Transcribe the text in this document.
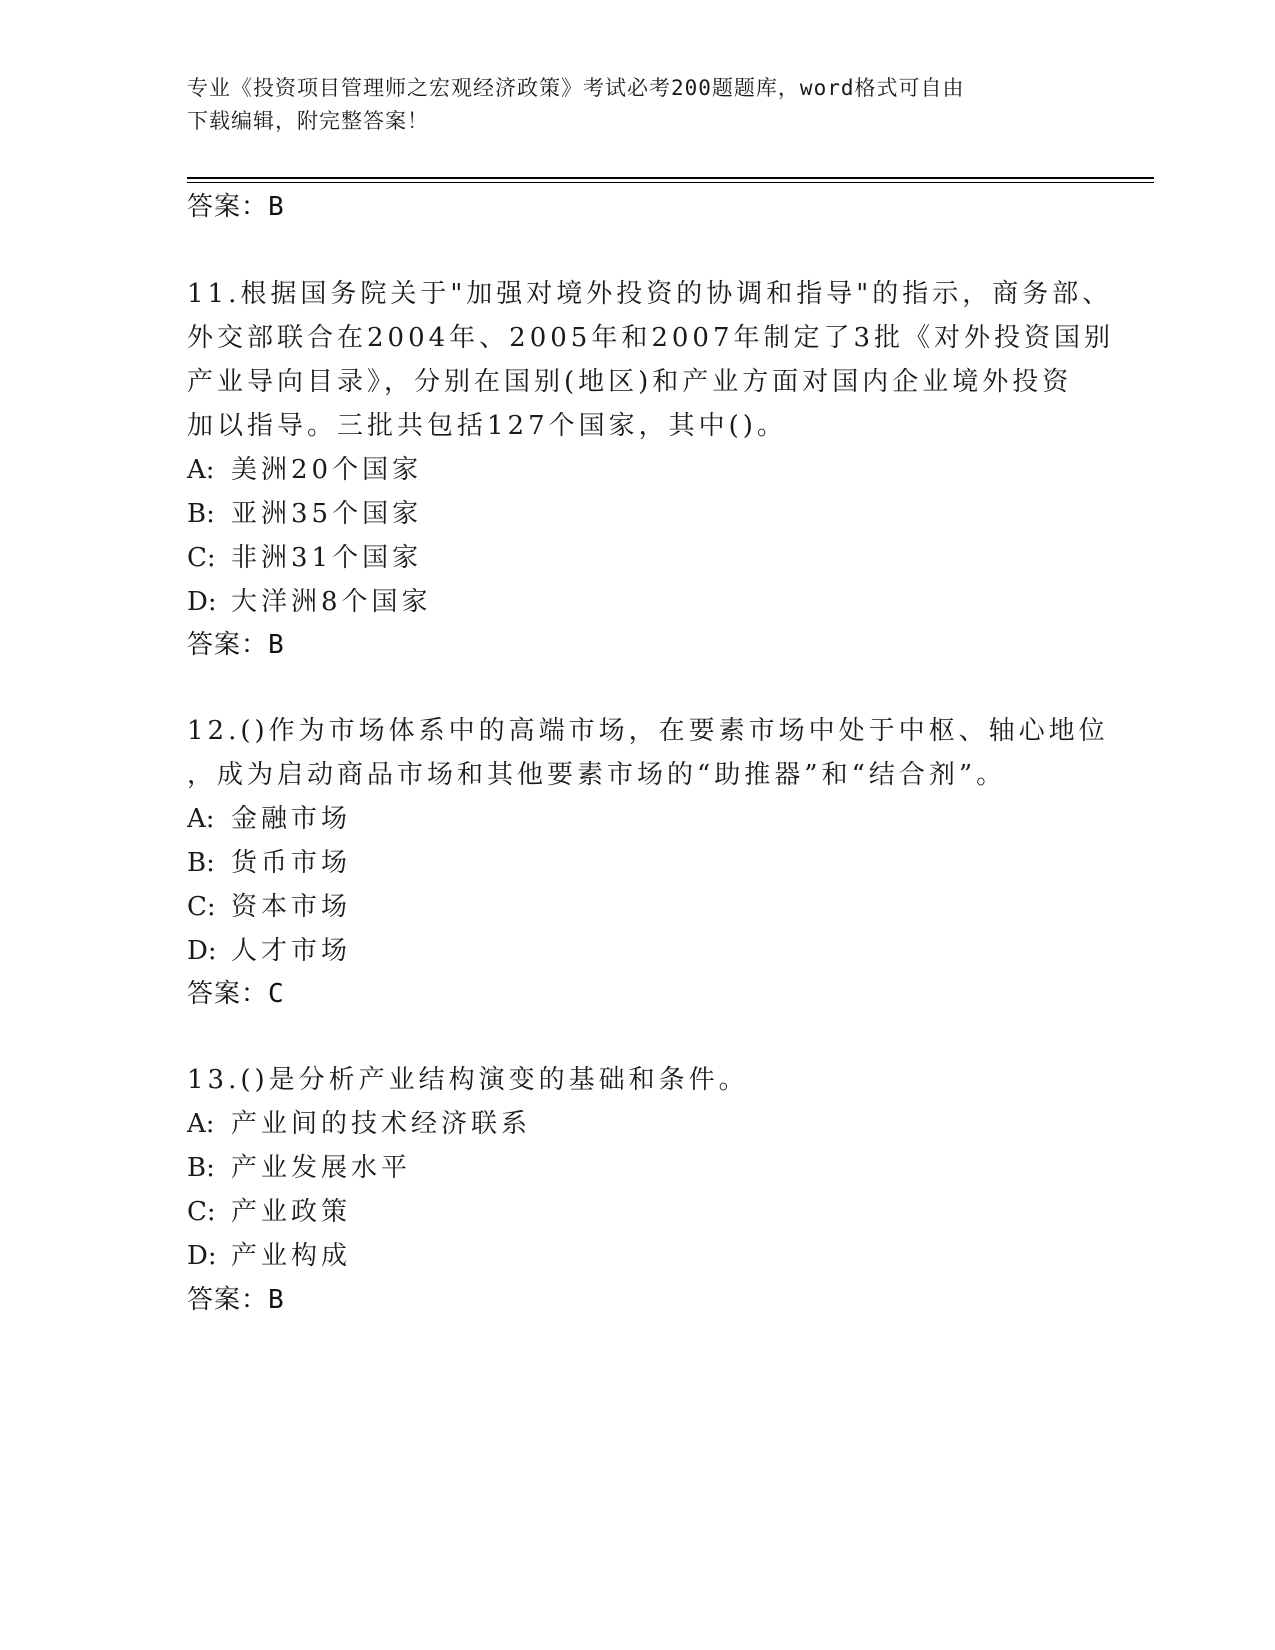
专业《投资项目管理师之宏观经济政策》考试必考200题题库，word格式可自由
下载编辑，附完整答案！
答案：B
11.根据国务院关于"加强对境外投资的协调和指导"的指示，商务部、
外交部联合在2004年、2005年和2007年制定了3批《对外投资国别
产业导向目录》，分别在国别(地区)和产业方面对国内企业境外投资
加以指导。三批共包括127个国家，其中()。
A: 美洲20个国家
B: 亚洲35个国家
C: 非洲31个国家
D: 大洋洲8个国家
答案：B
12.()作为市场体系中的高端市场，在要素市场中处于中枢、轴心地位
，成为启动商品市场和其他要素市场的“助推器”和“结合剂”。
A: 金融市场
B: 货币市场
C: 资本市场
D: 人才市场
答案：C
13.()是分析产业结构演变的基础和条件。
A: 产业间的技术经济联系
B: 产业发展水平
C: 产业政策
D: 产业构成
答案：B
